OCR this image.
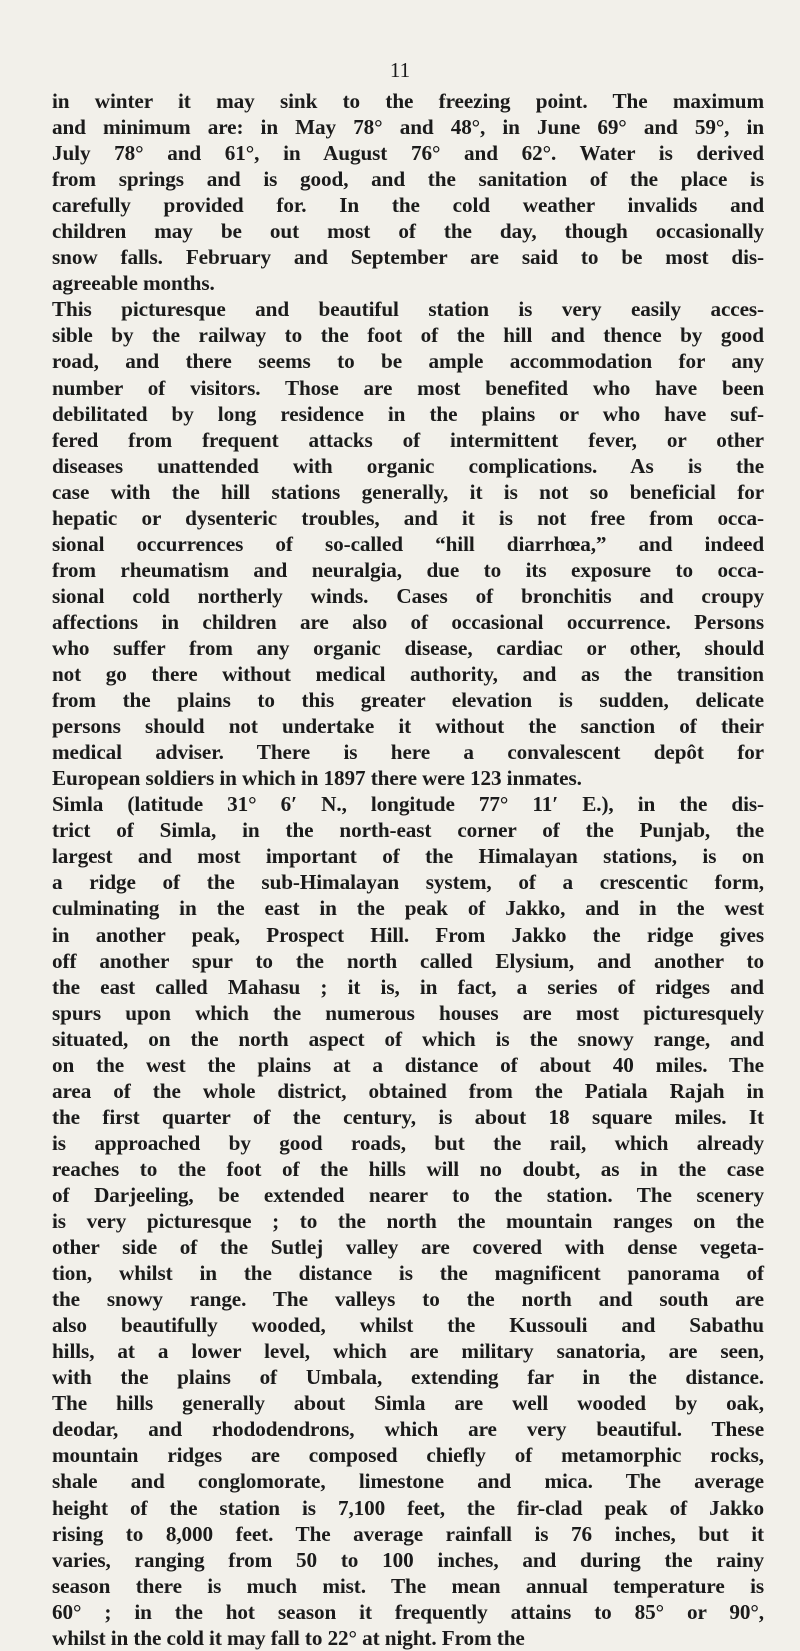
11
in winter it may sink to the freezing point. The maximum
and minimum are: in May 78° and 48°, in June 69° and 59°, in
July 78° and 61°, in August 76° and 62°. Water is derived
from springs and is good, and the sanitation of the place is
carefully provided for. In the cold weather invalids and
children may be out most of the day, though occasionally
snow falls. February and September are said to be most dis-
agreeable months.
This picturesque and beautiful station is very easily acces-
sible by the railway to the foot of the hill and thence by good
road, and there seems to be ample accommodation for any
number of visitors. Those are most benefited who have been
debilitated by long residence in the plains or who have suf-
fered from frequent attacks of intermittent fever, or other
diseases unattended with organic complications. As is the
case with the hill stations generally, it is not so beneficial for
hepatic or dysenteric troubles, and it is not free from occa-
sional occurrences of so-called “hill diarrhœa,” and indeed
from rheumatism and neuralgia, due to its exposure to occa-
sional cold northerly winds. Cases of bronchitis and croupy
affections in children are also of occasional occurrence. Persons
who suffer from any organic disease, cardiac or other, should
not go there without medical authority, and as the transition
from the plains to this greater elevation is sudden, delicate
persons should not undertake it without the sanction of their
medical adviser. There is here a convalescent depôt for
European soldiers in which in 1897 there were 123 inmates.
Simla (latitude 31° 6′ N., longitude 77° 11′ E.), in the dis-
trict of Simla, in the north-east corner of the Punjab, the
largest and most important of the Himalayan stations, is on
a ridge of the sub-Himalayan system, of a crescentic form,
culminating in the east in the peak of Jakko, and in the west
in another peak, Prospect Hill. From Jakko the ridge gives
off another spur to the north called Elysium, and another to
the east called Mahasu ; it is, in fact, a series of ridges and
spurs upon which the numerous houses are most picturesquely
situated, on the north aspect of which is the snowy range, and
on the west the plains at a distance of about 40 miles. The
area of the whole district, obtained from the Patiala Rajah in
the first quarter of the century, is about 18 square miles. It
is approached by good roads, but the rail, which already
reaches to the foot of the hills will no doubt, as in the case
of Darjeeling, be extended nearer to the station. The scenery
is very picturesque ; to the north the mountain ranges on the
other side of the Sutlej valley are covered with dense vegeta-
tion, whilst in the distance is the magnificent panorama of
the snowy range. The valleys to the north and south are
also beautifully wooded, whilst the Kussouli and Sabathu
hills, at a lower level, which are military sanatoria, are seen,
with the plains of Umbala, extending far in the distance.
The hills generally about Simla are well wooded by oak,
deodar, and rhododendrons, which are very beautiful. These
mountain ridges are composed chiefly of metamorphic rocks,
shale and conglomorate, limestone and mica. The average
height of the station is 7,100 feet, the fir-clad peak of Jakko
rising to 8,000 feet. The average rainfall is 76 inches, but it
varies, ranging from 50 to 100 inches, and during the rainy
season there is much mist. The mean annual temperature is
60° ; in the hot season it frequently attains to 85° or 90°,
whilst in the cold it may fall to 22° at night. From the
